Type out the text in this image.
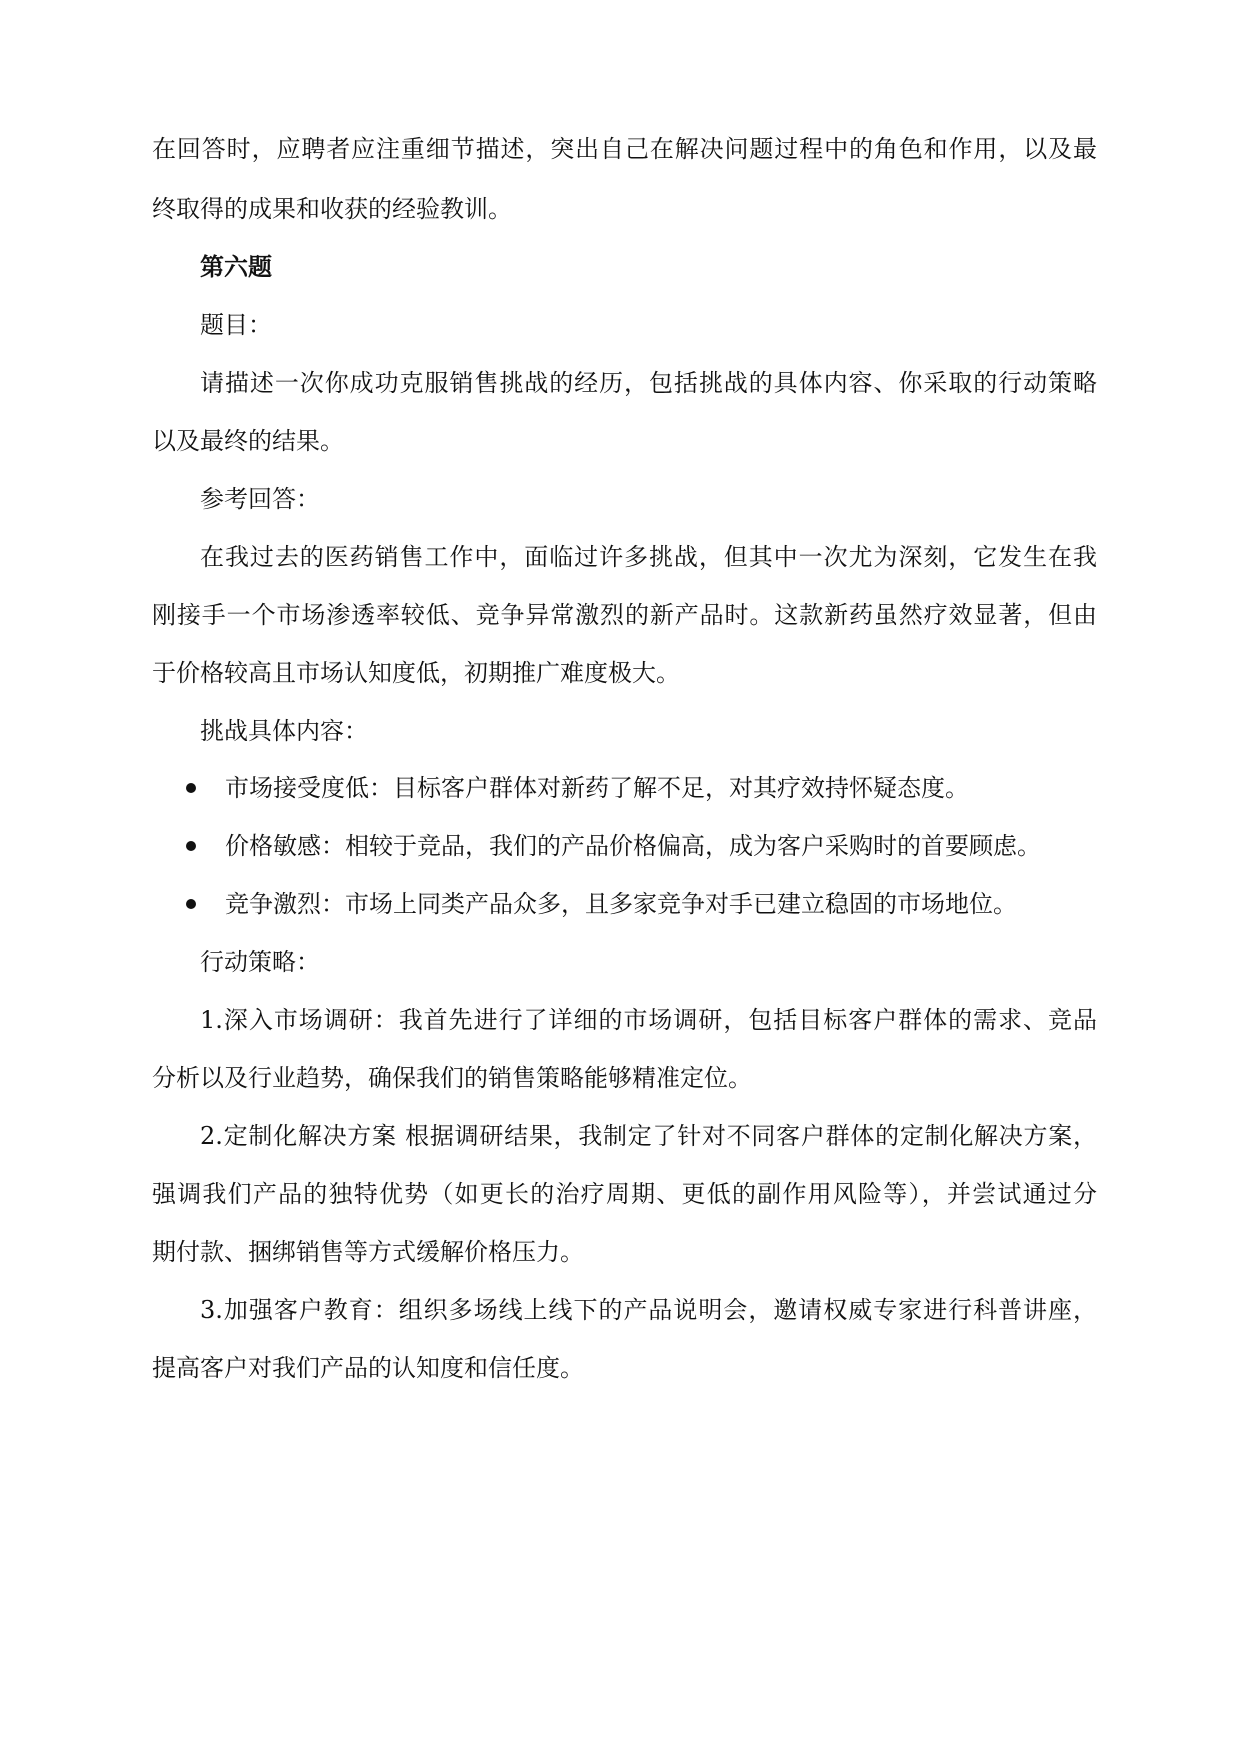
在回答时，应聘者应注重细节描述，突出自己在解决问题过程中的角色和作用，以及最
终取得的成果和收获的经验教训。
第六题
题目：
请描述一次你成功克服销售挑战的经历，包括挑战的具体内容、你采取的行动策略
以及最终的结果。
参考回答：
在我过去的医药销售工作中，面临过许多挑战，但其中一次尤为深刻，它发生在我
刚接手一个市场渗透率较低、竞争异常激烈的新产品时。这款新药虽然疗效显著，但由
于价格较高且市场认知度低，初期推广难度极大。
挑战具体内容：
市场接受度低：目标客户群体对新药了解不足，对其疗效持怀疑态度。
价格敏感：相较于竞品，我们的产品价格偏高，成为客户采购时的首要顾虑。
竞争激烈：市场上同类产品众多，且多家竞争对手已建立稳固的市场地位。
行动策略：
1.深入市场调研：我首先进行了详细的市场调研，包括目标客户群体的需求、竞品
分析以及行业趋势，确保我们的销售策略能够精准定位。
2.定制化解决方案 根据调研结果，我制定了针对不同客户群体的定制化解决方案，
强调我们产品的独特优势（如更长的治疗周期、更低的副作用风险等），并尝试通过分
期付款、捆绑销售等方式缓解价格压力。
3.加强客户教育：组织多场线上线下的产品说明会，邀请权威专家进行科普讲座，
提高客户对我们产品的认知度和信任度。
